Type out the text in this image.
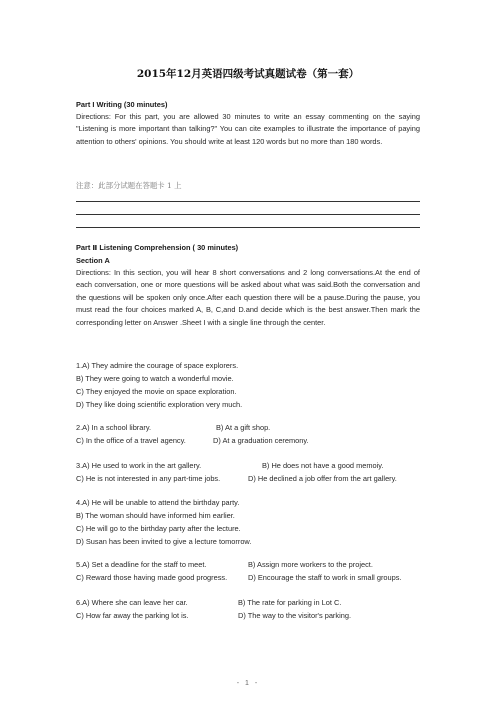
2015年12月英语四级考试真题试卷（第一套）
Part I Writing (30 minutes)
Directions: For this part, you are allowed 30 minutes to write an essay commenting on the saying "Listening is more important than talking?" You can cite examples to illustrate the importance of paying attention to others' opinions. You should write at least 120 words but no more than 180 words.
注意：此部分试题在答题卡 1 上
Part Ⅱ Listening Comprehension ( 30 minutes)
Section A
Directions: In this section, you will hear 8 short conversations and 2 long conversations.At the end of each conversation, one or more questions will be asked about what was said.Both the conversation and the questions will be spoken only once.After each question there will be a pause.During the pause, you must read the four choices marked A, B, C,and D.and decide which is the best answer.Then mark the corresponding letter on Answer .Sheet I with a single line through the center.
1.A) They admire the courage of space explorers.
B) They were going to watch a wonderful movie.
C) They enjoyed the movie on space exploration.
D) They like doing scientific exploration very much.
2.A) In a school library.	B) At a gift shop.
C) In the office of a travel agency.	D) At a graduation ceremony.
3.A) He used to work in the art gallery.	B) He does not have a good memoiy.
C) He is not interested in any part-time jobs.	D) He declined a job offer from the art gallery.
4.A) He will be unable to attend the birthday party.
B) The woman should have informed him earlier.
C) He will go to the birthday party after the lecture.
D) Susan has been invited to give a lecture tomorrow.
5.A) Set a deadline for the staff to meet.	B) Assign more workers to the project.
C) Reward those having made good progress.	D) Encourage the staff to work in small groups.
6.A) Where she can leave her car.	B) The rate for parking in Lot C.
C) How far away the parking lot is.	D) The way to the visitor's parking.
- 1 -
